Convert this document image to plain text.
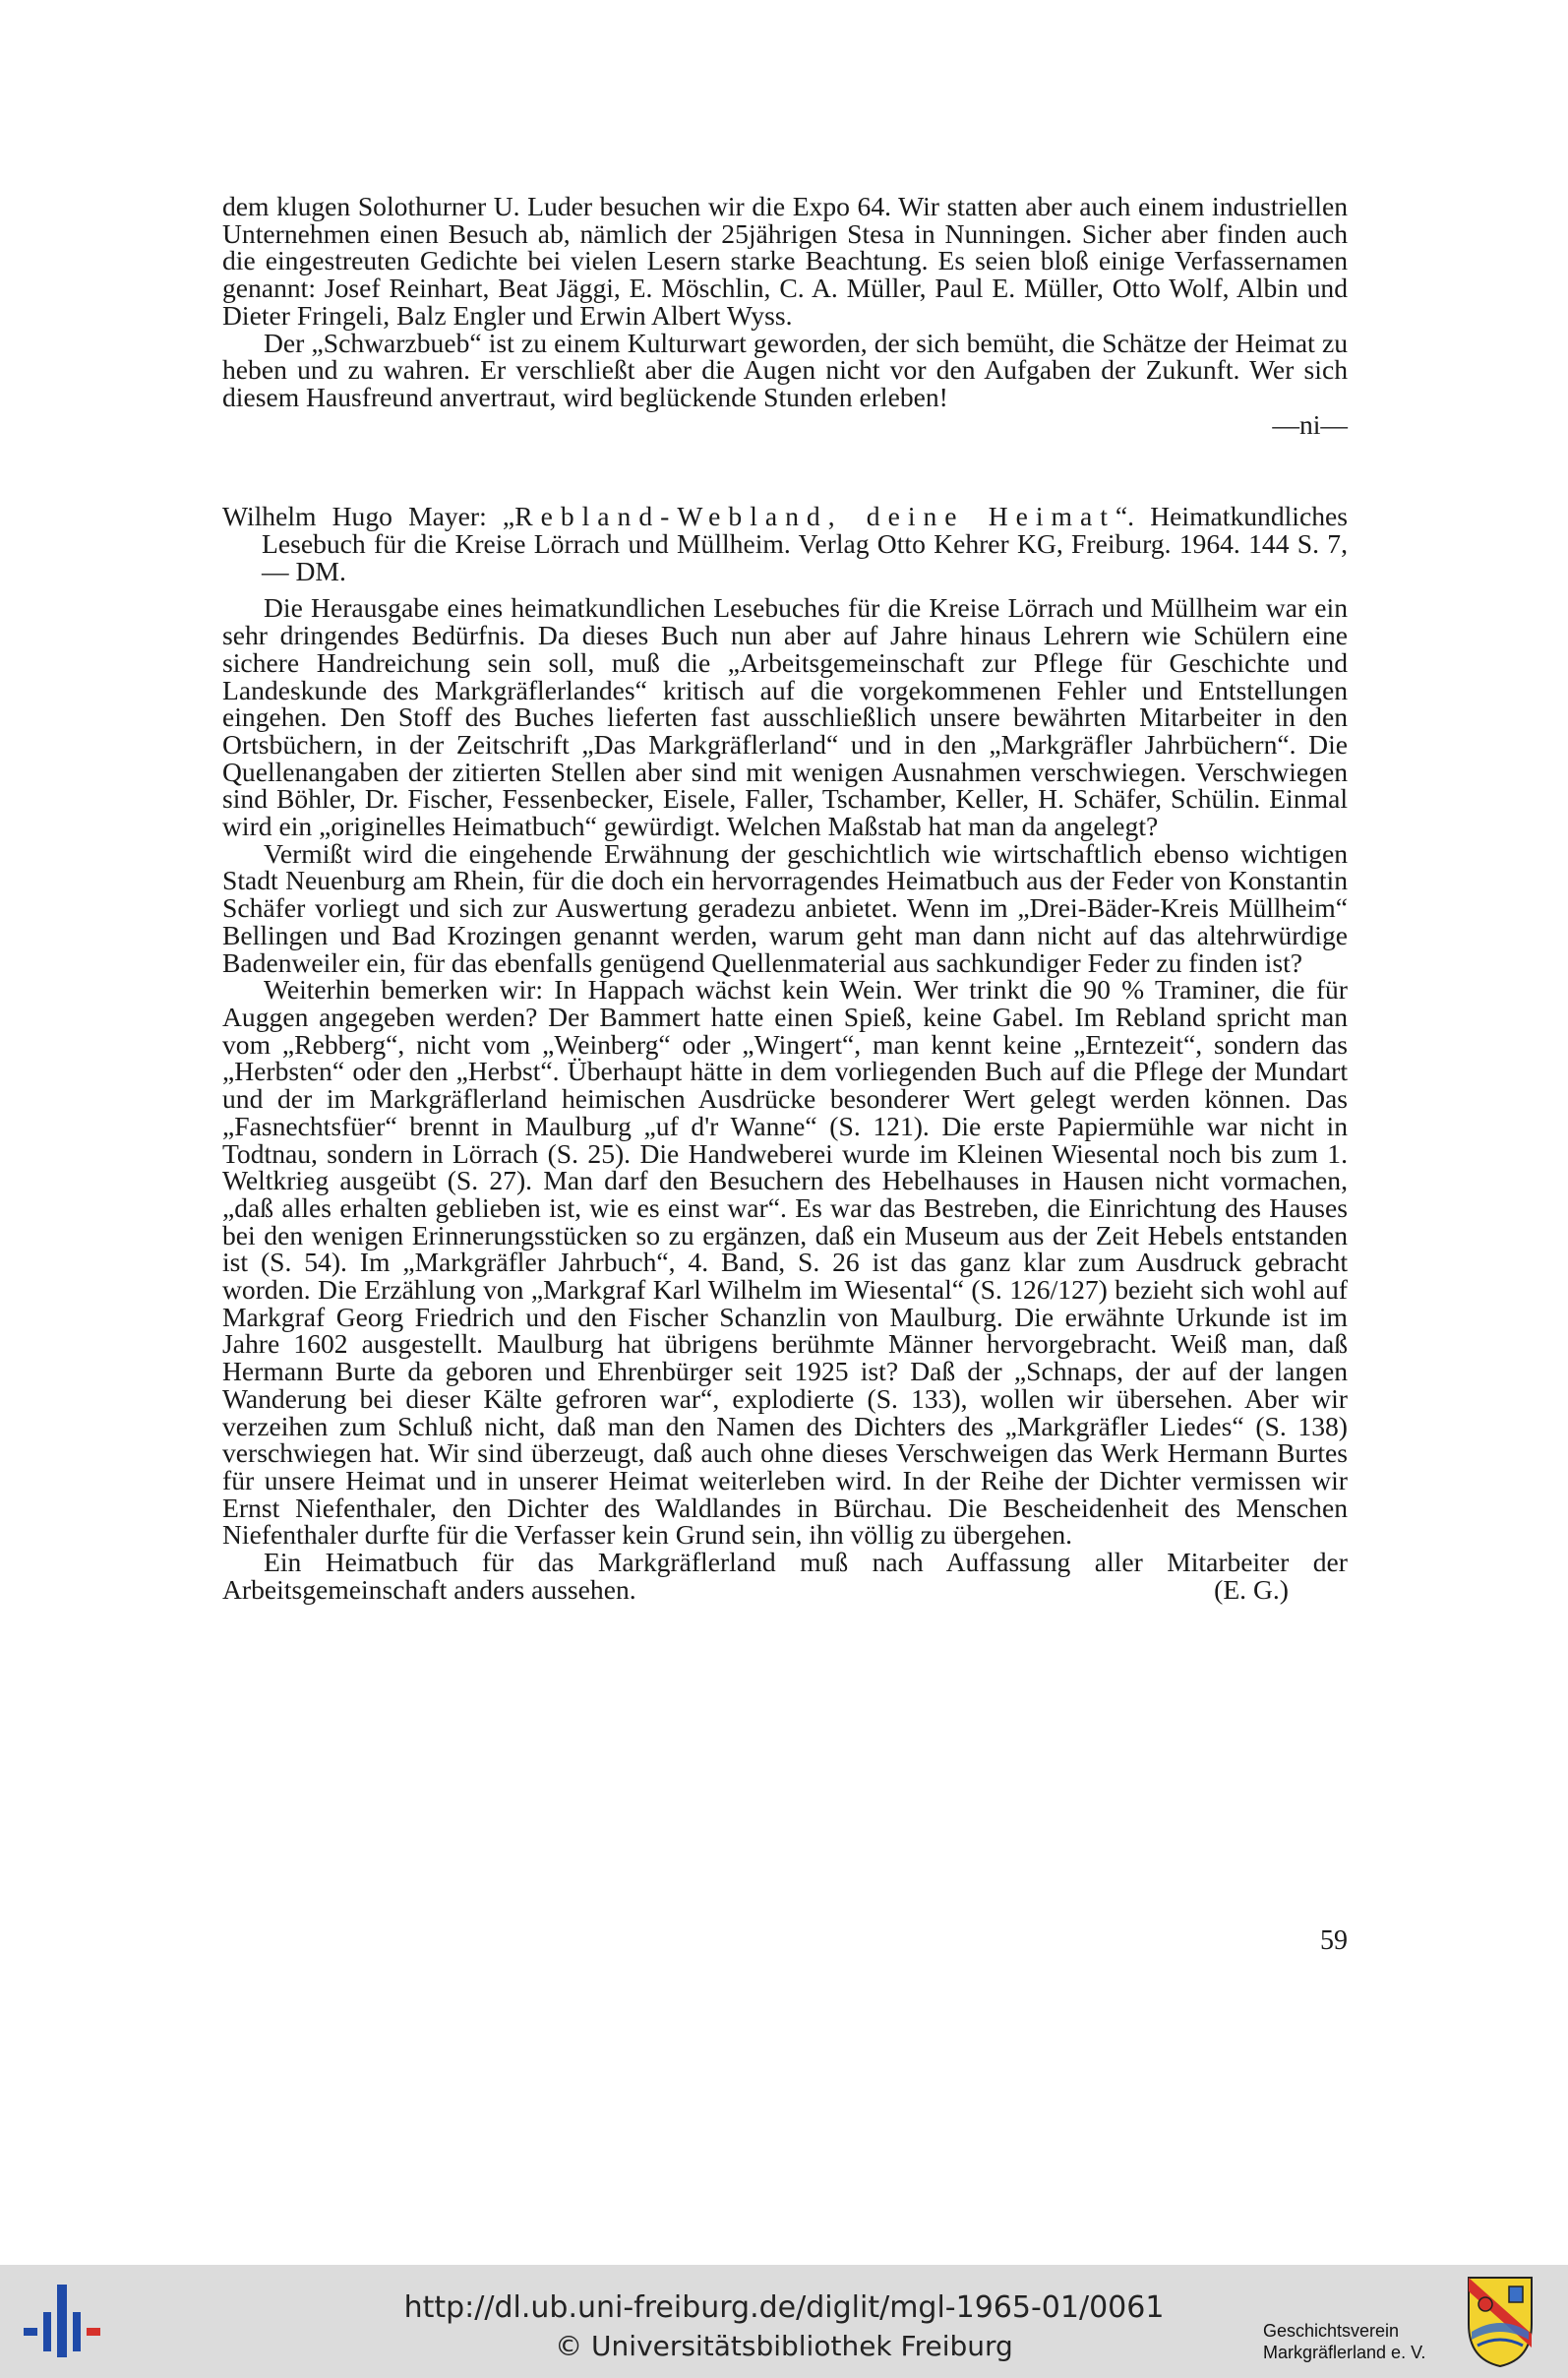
dem klugen Solothurner U. Luder besuchen wir die Expo 64. Wir statten aber auch einem industriellen Unternehmen einen Besuch ab, nämlich der 25jährigen Stesa in Nunningen. Sicher aber finden auch die eingestreuten Gedichte bei vielen Lesern starke Beachtung. Es seien bloß einige Verfassernamen genannt: Josef Reinhart, Beat Jäggi, E. Möschlin, C. A. Müller, Paul E. Müller, Otto Wolf, Albin und Dieter Fringeli, Balz Engler und Erwin Albert Wyss.

Der „Schwarzbueb“ ist zu einem Kulturwart geworden, der sich bemüht, die Schätze der Heimat zu heben und zu wahren. Er verschließt aber die Augen nicht vor den Aufgaben der Zukunft. Wer sich diesem Hausfreund anvertraut, wird beglückende Stunden erleben!

—ni—

Wilhelm Hugo Mayer: „Rebland-Webland, deine Heimat“. Heimatkundliches Lesebuch für die Kreise Lörrach und Müllheim. Verlag Otto Kehrer KG, Freiburg. 1964. 144 S. 7,— DM.

Die Herausgabe eines heimatkundlichen Lesebuches für die Kreise Lörrach und Müllheim war ein sehr dringendes Bedürfnis. Da dieses Buch nun aber auf Jahre hinaus Lehrern wie Schülern eine sichere Handreichung sein soll, muß die „Arbeitsgemeinschaft zur Pflege für Geschichte und Landeskunde des Markgräflerlandes“ kritisch auf die vorgekommenen Fehler und Entstellungen eingehen. Den Stoff des Buches lieferten fast ausschließlich unsere bewährten Mitarbeiter in den Ortsbüchern, in der Zeitschrift „Das Markgräflerland“ und in den „Markgräfler Jahrbüchern“. Die Quellenangaben der zitierten Stellen aber sind mit wenigen Ausnahmen verschwiegen. Verschwiegen sind Böhler, Dr. Fischer, Fessenbecker, Eisele, Faller, Tschamber, Keller, H. Schäfer, Schülin. Einmal wird ein „originelles Heimatbuch“ gewürdigt. Welchen Maßstab hat man da angelegt?

Vermißt wird die eingehende Erwähnung der geschichtlich wie wirtschaftlich ebenso wichtigen Stadt Neuenburg am Rhein, für die doch ein hervorragendes Heimatbuch aus der Feder von Konstantin Schäfer vorliegt und sich zur Auswertung geradezu anbietet. Wenn im „Drei-Bäder-Kreis Müllheim“ Bellingen und Bad Krozingen genannt werden, warum geht man dann nicht auf das altehrwürdige Badenweiler ein, für das ebenfalls genügend Quellenmaterial aus sachkundiger Feder zu finden ist?

Weiterhin bemerken wir: In Happach wächst kein Wein. Wer trinkt die 90 % Traminer, die für Auggen angegeben werden? Der Bammert hatte einen Spieß, keine Gabel. Im Rebland spricht man vom „Rebberg“, nicht vom „Weinberg“ oder „Wingert“, man kennt keine „Erntezeit“, sondern das „Herbsten“ oder den „Herbst“. Überhaupt hätte in dem vorliegenden Buch auf die Pflege der Mundart und der im Markgräflerland heimischen Ausdrücke besonderer Wert gelegt werden können. Das „Fasnechtsfüer“ brennt in Maulburg „uf d'r Wanne“ (S. 121). Die erste Papiermühle war nicht in Todtnau, sondern in Lörrach (S. 25). Die Handweberei wurde im Kleinen Wiesental noch bis zum 1. Weltkrieg ausgeübt (S. 27). Man darf den Besuchern des Hebelhauses in Hausen nicht vormachen, „daß alles erhalten geblieben ist, wie es einst war“. Es war das Bestreben, die Einrichtung des Hauses bei den wenigen Erinnerungsstücken so zu ergänzen, daß ein Museum aus der Zeit Hebels entstanden ist (S. 54). Im „Markgräfler Jahrbuch“, 4. Band, S. 26 ist das ganz klar zum Ausdruck gebracht worden. Die Erzählung von „Markgraf Karl Wilhelm im Wiesental“ (S. 126/127) bezieht sich wohl auf Markgraf Georg Friedrich und den Fischer Schanzlin von Maulburg. Die erwähnte Urkunde ist im Jahre 1602 ausgestellt. Maulburg hat übrigens berühmte Männer hervorgebracht. Weiß man, daß Hermann Burte da geboren und Ehrenbürger seit 1925 ist? Daß der „Schnaps, der auf der langen Wanderung bei dieser Kälte gefroren war“, explodierte (S. 133), wollen wir übersehen. Aber wir verzeihen zum Schluß nicht, daß man den Namen des Dichters des „Markgräfler Liedes“ (S. 138) verschwiegen hat. Wir sind überzeugt, daß auch ohne dieses Verschweigen das Werk Hermann Burtes für unsere Heimat und in unserer Heimat weiterleben wird. In der Reihe der Dichter vermissen wir Ernst Niefenthaler, den Dichter des Waldlandes in Bürchau. Die Bescheidenheit des Menschen Niefenthaler durfte für die Verfasser kein Grund sein, ihn völlig zu übergehen.

Ein Heimatbuch für das Markgräflerland muß nach Auffassung aller Mitarbeiter der Arbeitsgemeinschaft anders aussehen.	(E. G.)

59
http://dl.ub.uni-freiburg.de/diglit/mgl-1965-01/0061
© Universitätsbibliothek Freiburg	Geschichtsverein
Markgräflerland e. V.
